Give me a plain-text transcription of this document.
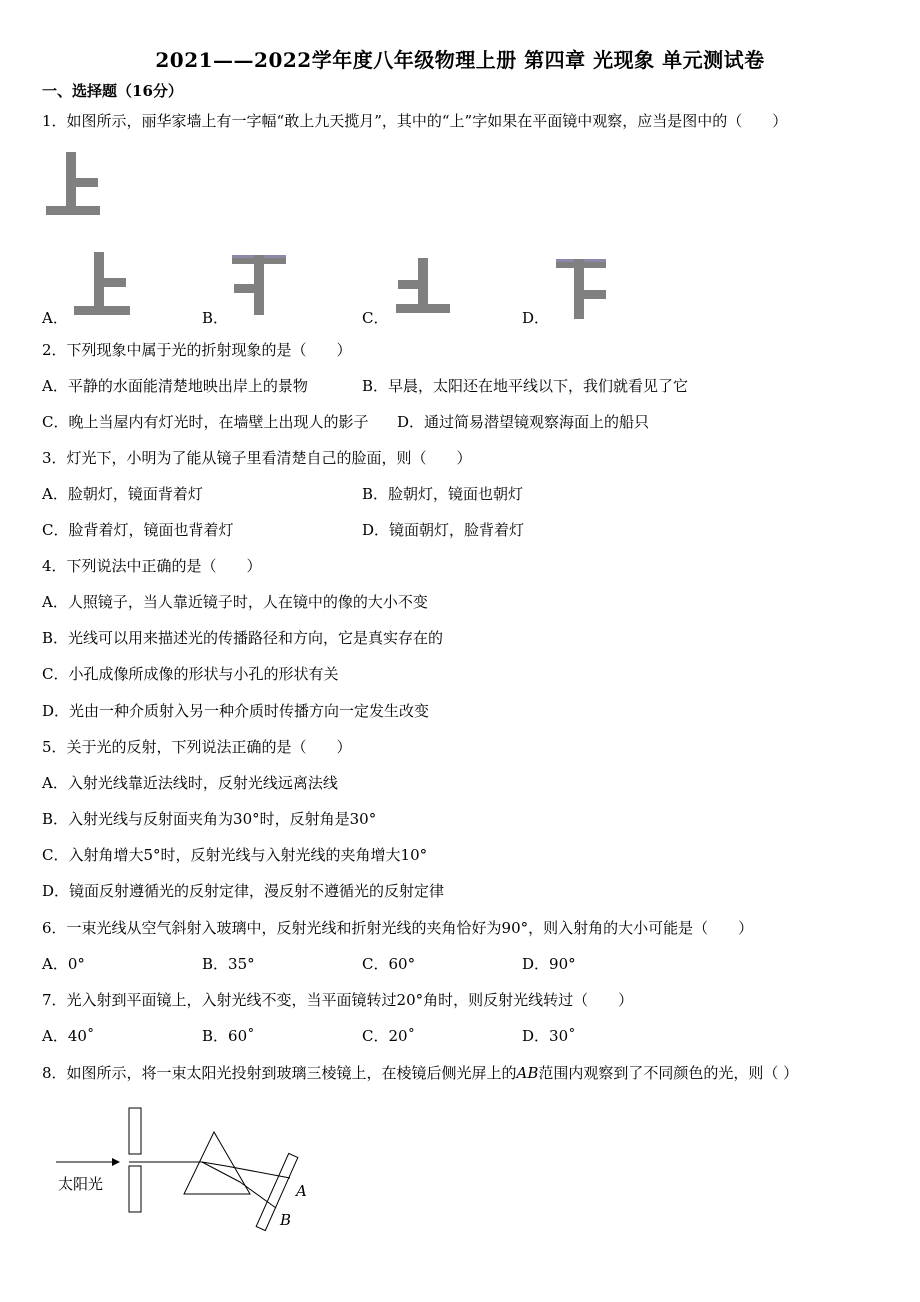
2021——2022学年度八年级物理上册 第四章 光现象 单元测试卷
一、选择题（16分）
1．如图所示，丽华家墙上有一字幅“敢上九天揽月”，其中的“上”字如果在平面镜中观察，应当是图中的（　　）
A．	B．	C．	D．
2．下列现象中属于光的折射现象的是（　　）
A．平静的水面能清楚地映出岸上的景物	B．早晨，太阳还在地平线以下，我们就看见了它
C．晚上当屋内有灯光时，在墙壁上出现人的影子 D．通过简易潜望镜观察海面上的船只
3．灯光下，小明为了能从镜子里看清楚自己的脸面，则（　　）
A．脸朝灯，镜面背着灯	B．脸朝灯，镜面也朝灯
C．脸背着灯，镜面也背着灯	D．镜面朝灯，脸背着灯
4．下列说法中正确的是（　　）
A．人照镜子，当人靠近镜子时，人在镜中的像的大小不变
B．光线可以用来描述光的传播路径和方向，它是真实存在的
C．小孔成像所成像的形状与小孔的形状有关
D．光由一种介质射入另一种介质时传播方向一定发生改变
5．关于光的反射，下列说法正确的是（　　）
A．入射光线靠近法线时，反射光线远离法线
B．入射光线与反射面夹角为30°时，反射角是30°
C．入射角增大5°时，反射光线与入射光线的夹角增大10°
D．镜面反射遵循光的反射定律，漫反射不遵循光的反射定律
6．一束光线从空气斜射入玻璃中，反射光线和折射光线的夹角恰好为90°，则入射角的大小可能是（　　）
A．0°	B．35°	C．60°	D．90°
7．光入射到平面镜上，入射光线不变，当平面镜转过20°角时，则反射光线转过（　　）
A．40˚	B．60˚	C．20˚	D．30˚
8．如图所示，将一束太阳光投射到玻璃三棱镜上，在棱镜后侧光屏上的AB范围内观察到了不同颜色的光，则（ ）
太阳光	A
B
